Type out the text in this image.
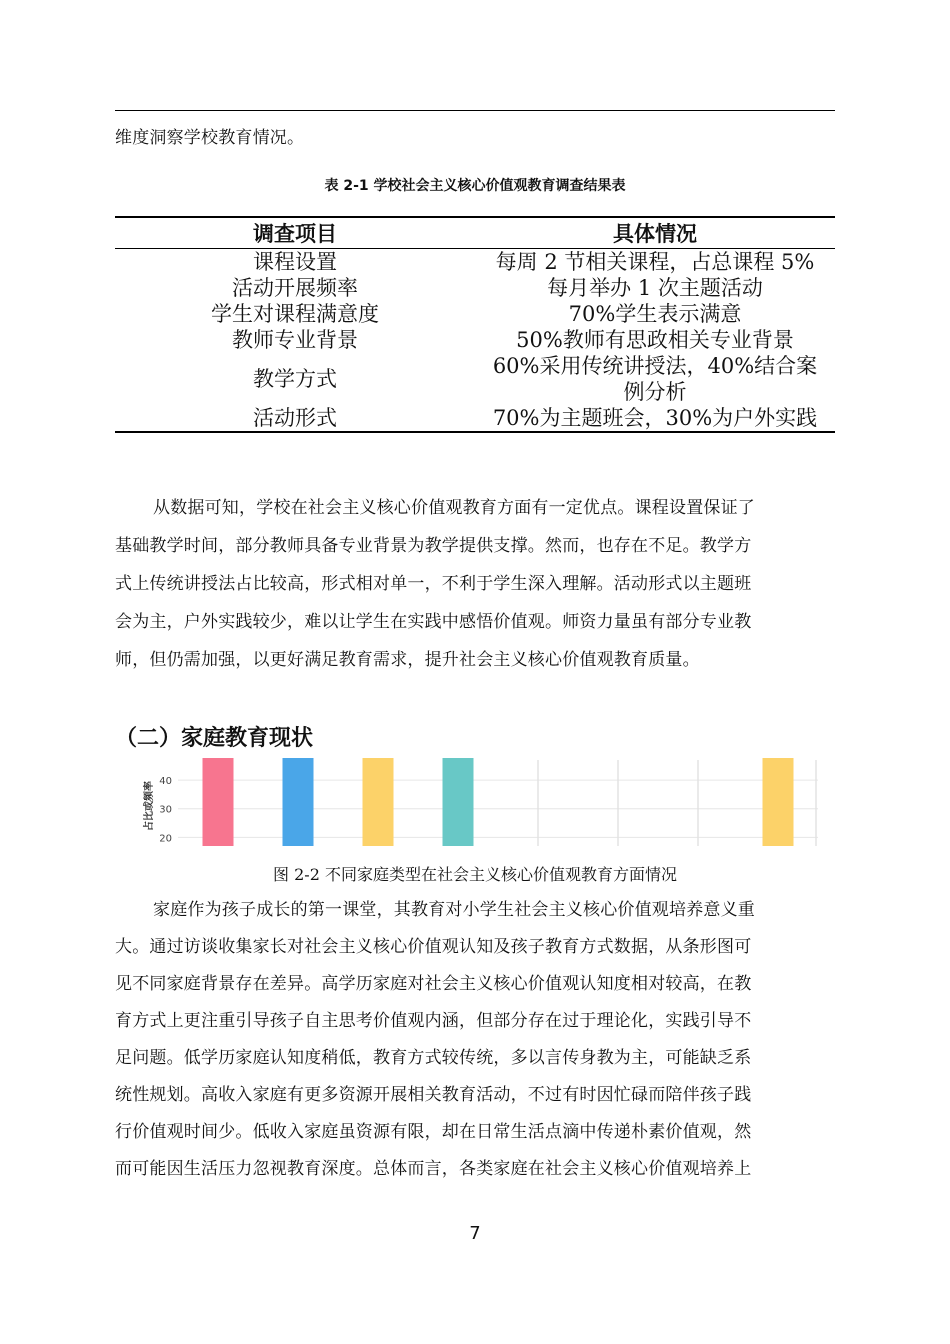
维度洞察学校教育情况。
表 2-1 学校社会主义核心价值观教育调查结果表
调查项目	具体情况
课程设置	每周 2 节相关课程，占总课程 5%
活动开展频率	每月举办 1 次主题活动
学生对课程满意度	70%学生表示满意
教师专业背景	50%教师有思政相关专业背景
教学方式	60%采用传统讲授法，40%结合案例分析
活动形式	70%为主题班会，30%为户外实践
从数据可知，学校在社会主义核心价值观教育方面有一定优点。课程设置保证了
基础教学时间，部分教师具备专业背景为教学提供支撑。然而，也存在不足。教学方
式上传统讲授法占比较高，形式相对单一，不利于学生深入理解。活动形式以主题班
会为主，户外实践较少，难以让学生在实践中感悟价值观。师资力量虽有部分专业教
师，但仍需加强，以更好满足教育需求，提升社会主义核心价值观教育质量。
（二）家庭教育现状
20
30
40
占比或频率
图 2-2 不同家庭类型在社会主义核心价值观教育方面情况
家庭作为孩子成长的第一课堂，其教育对小学生社会主义核心价值观培养意义重
大。通过访谈收集家长对社会主义核心价值观认知及孩子教育方式数据，从条形图可
见不同家庭背景存在差异。高学历家庭对社会主义核心价值观认知度相对较高，在教
育方式上更注重引导孩子自主思考价值观内涵，但部分存在过于理论化，实践引导不
足问题。低学历家庭认知度稍低，教育方式较传统，多以言传身教为主，可能缺乏系
统性规划。高收入家庭有更多资源开展相关教育活动，不过有时因忙碌而陪伴孩子践
行价值观时间少。低收入家庭虽资源有限，却在日常生活点滴中传递朴素价值观，然
而可能因生活压力忽视教育深度。总体而言，各类家庭在社会主义核心价值观培养上
7
